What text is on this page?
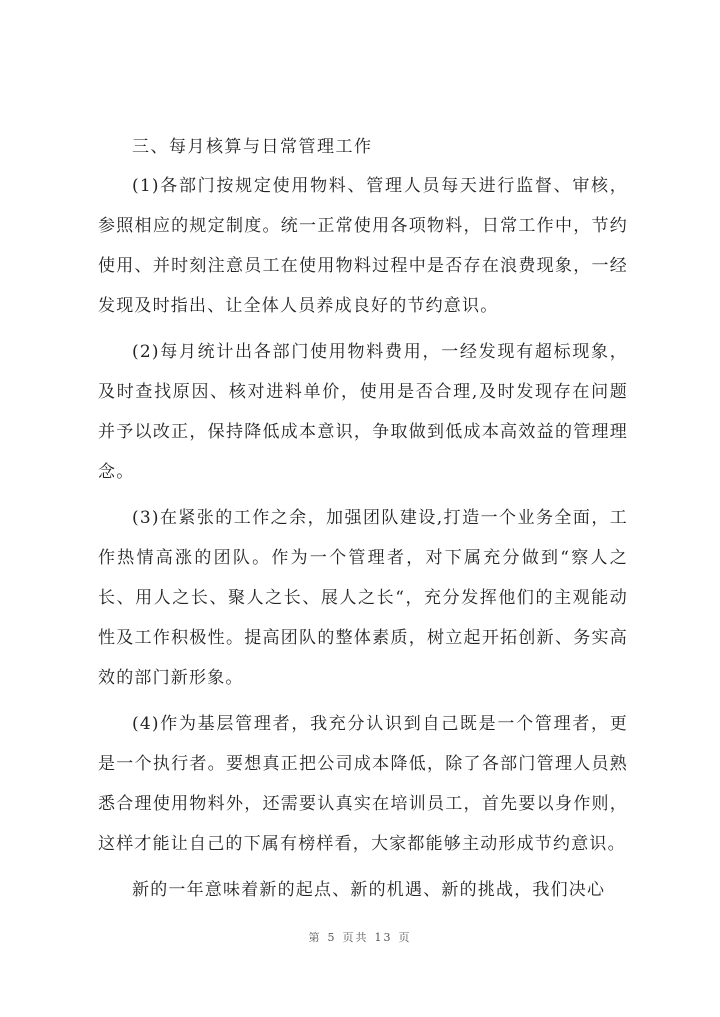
三、每月核算与日常管理工作

(1)各部门按规定使用物料、管理人员每天进行监督、审核，参照相应的规定制度。统一正常使用各项物料，日常工作中，节约使用、并时刻注意员工在使用物料过程中是否存在浪费现象，一经发现及时指出、让全体人员养成良好的节约意识。

(2)每月统计出各部门使用物料费用，一经发现有超标现象，及时查找原因、核对进料单价，使用是否合理,及时发现存在问题并予以改正，保持降低成本意识，争取做到低成本高效益的管理理念。

(3)在紧张的工作之余，加强团队建设,打造一个业务全面，工作热情高涨的团队。作为一个管理者，对下属充分做到“察人之长、用人之长、聚人之长、展人之长“，充分发挥他们的主观能动性及工作积极性。提高团队的整体素质，树立起开拓创新、务实高效的部门新形象。

(4)作为基层管理者，我充分认识到自己既是一个管理者，更是一个执行者。要想真正把公司成本降低，除了各部门管理人员熟悉合理使用物料外，还需要认真实在培训员工，首先要以身作则，这样才能让自己的下属有榜样看，大家都能够主动形成节约意识。

新的一年意味着新的起点、新的机遇、新的挑战，我们决心

第 5 页共 13 页
